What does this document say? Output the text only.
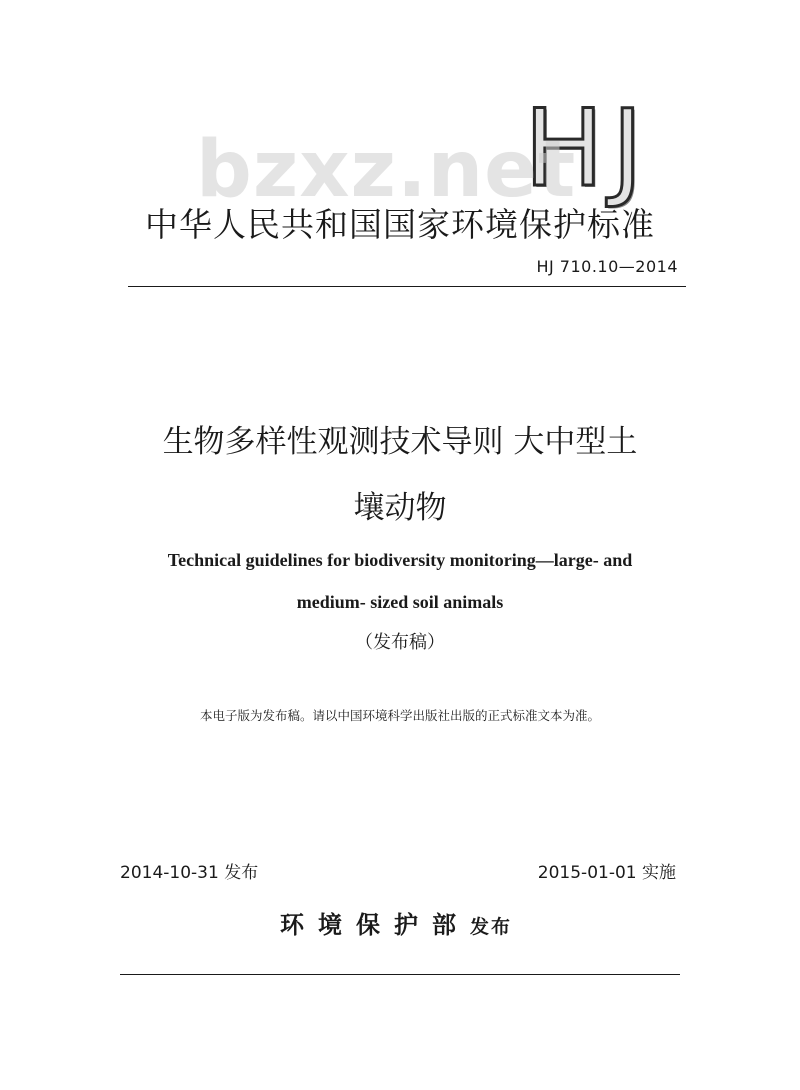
HJ
bzxz.net
中华人民共和国国家环境保护标准
HJ 710.10—2014
生物多样性观测技术导则 大中型土
壤动物
Technical guidelines for biodiversity monitoring—large- and
medium- sized soil animals
（发布稿）
本电子版为发布稿。请以中国环境科学出版社出版的正式标准文本为准。
2014-10-31 发布	2015-01-01 实施
环境保护部发布
